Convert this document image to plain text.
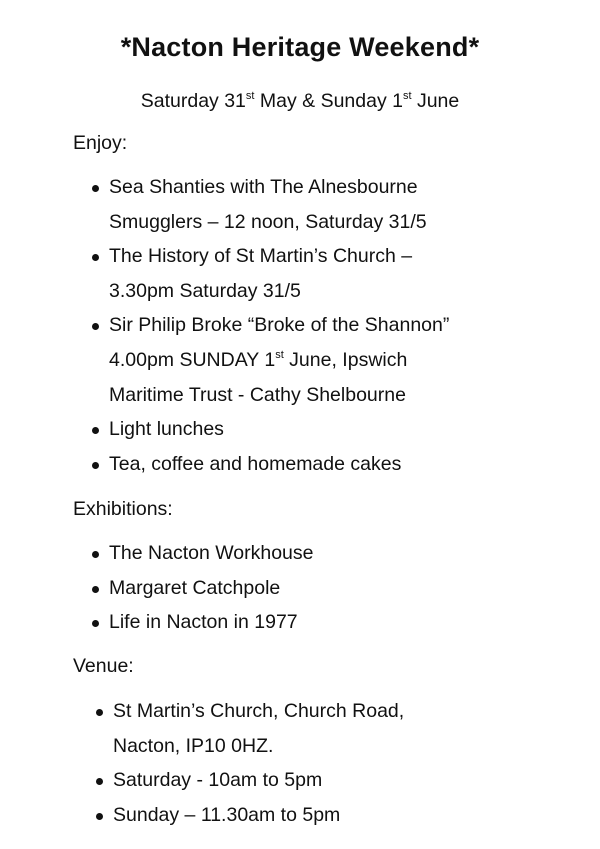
*Nacton Heritage Weekend*
Saturday 31st May & Sunday 1st June
Enjoy:
Sea Shanties with The Alnesbourne
Smugglers – 12 noon, Saturday 31/5
The History of St Martin’s Church –
3.30pm Saturday 31/5
Sir Philip Broke “Broke of the Shannon”
4.00pm SUNDAY 1st June, Ipswich
Maritime Trust - Cathy Shelbourne
Light lunches
Tea, coffee and homemade cakes
Exhibitions:
The Nacton Workhouse
Margaret Catchpole
Life in Nacton in 1977
Venue:
St Martin’s Church, Church Road,
Nacton, IP10 0HZ.
Saturday - 10am to 5pm
Sunday – 11.30am to 5pm
